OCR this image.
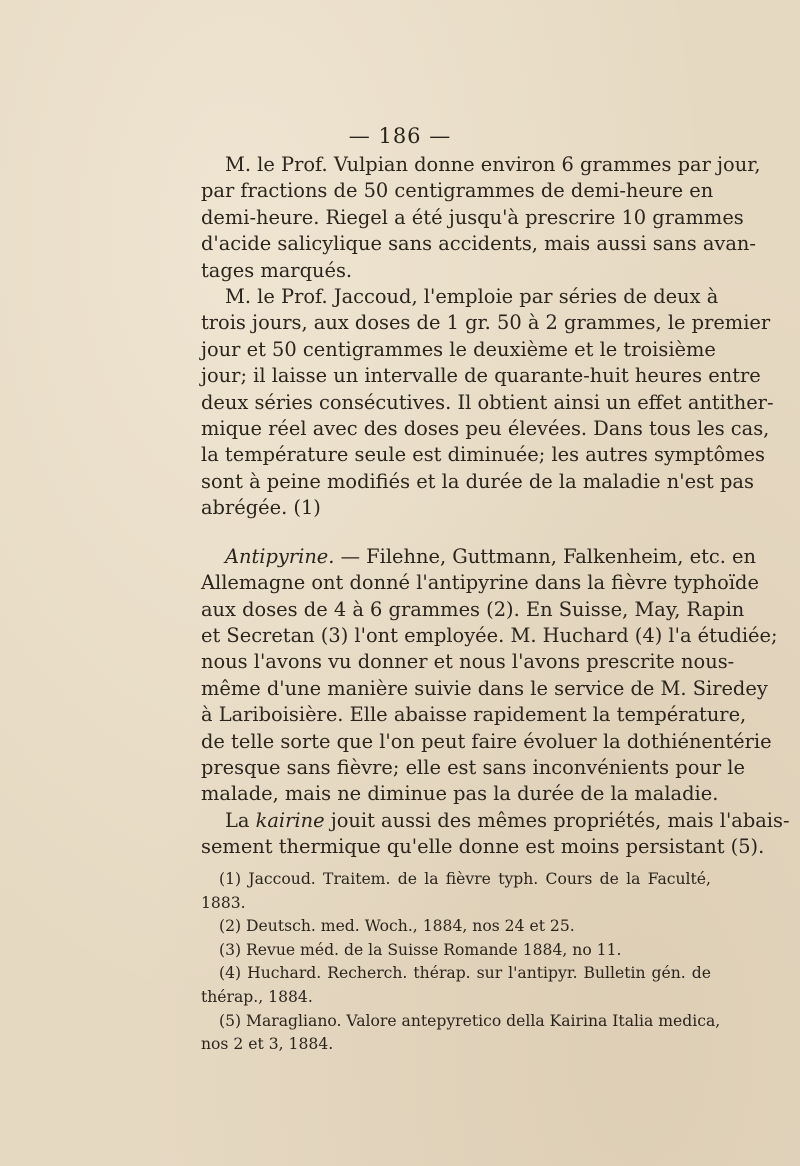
— 186 —

M. le Prof. Vulpian donne environ 6 grammes par jour,
par fractions de 50 centigrammes de demi-heure en
demi-heure. Riegel a été jusqu'à prescrire 10 grammes
d'acide salicylique sans accidents, mais aussi sans avan-
tages marqués.

M. le Prof. Jaccoud, l'emploie par séries de deux à
trois jours, aux doses de 1 gr. 50 à 2 grammes, le premier
jour et 50 centigrammes le deuxième et le troisième
jour; il laisse un intervalle de quarante-huit heures entre
deux séries consécutives. Il obtient ainsi un effet antither-
mique réel avec des doses peu élevées. Dans tous les cas,
la température seule est diminuée; les autres symptômes
sont à peine modifiés et la durée de la maladie n'est pas
abrégée. (1)

Antipyrine. — Filehne, Guttmann, Falkenheim, etc. en
Allemagne ont donné l'antipyrine dans la fièvre typhoïde
aux doses de 4 à 6 grammes (2). En Suisse, May, Rapin
et Secretan (3) l'ont employée. M. Huchard (4) l'a étudiée;
nous l'avons vu donner et nous l'avons prescrite nous-
même d'une manière suivie dans le service de M. Siredey
à Lariboisière. Elle abaisse rapidement la température,
de telle sorte que l'on peut faire évoluer la dothiénentérie
presque sans fièvre; elle est sans inconvénients pour le
malade, mais ne diminue pas la durée de la maladie.

La kairine jouit aussi des mêmes propriétés, mais l'abais-
sement thermique qu'elle donne est moins persistant (5).

(1) Jaccoud. Traitem. de la fièvre typh. Cours de la Faculté,
1883.

(2) Deutsch. med. Woch., 1884, nos 24 et 25.

(3) Revue méd. de la Suisse Romande 1884, no 11.

(4) Huchard. Recherch. thérap. sur l'antipyr. Bulletin gén. de
thérap., 1884.

(5) Maragliano. Valore antepyretico della Kairina Italia medica,
nos 2 et 3, 1884.
